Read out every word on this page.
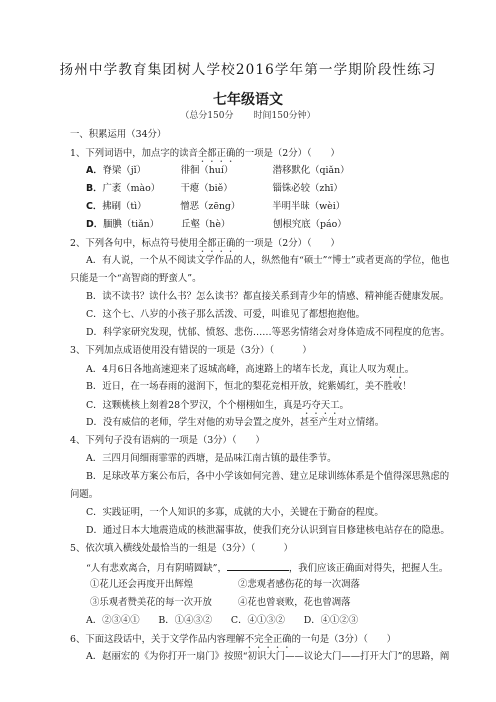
扬州中学教育集团树人学校2016学年第一学期阶段性练习
七年级语文
（总分150分 时间150分钟）
一、积累运用（34分）
1、下列词语中，加点字的读音全都正确的一项是（2分）（　　）
A．脊梁（jǐ）	徘徊（huí）	潜移默化（qiǎn）
B．广袤（mào） 干瘪（biě）	锱铢必较（zhī）
C．拂刷（tì）	憎恶（zēng）	半明半昧（wèi）
D．腼腆（tiǎn） 丘壑（hè）	刨根究底（páo）
2、下列各句中，标点符号使用全都正确的一项是（2分）（　　）
A．有人说，一个从不阅读文学作品的人，纵然他有“硕士”“博士”或者更高的学位，他也
只能是一个“高智商的野蛮人”。
B．读不读书？读什么书？怎么读书？都直接关系到青少年的情感、精神能否健康发展。
C．这个七、八岁的小孩子那么活泼、可爱，叫谁见了都想抱抱他。
D．科学家研究发现，忧郁、愤怒、悲伤……等恶劣情绪会对身体造成不同程度的危害。
3、下列加点成语使用没有错误的一项是（3分）（　　　）
A．4月6日各地高速迎来了返城高峰，高速路上的堵车长龙，真让人叹为观止。
B．近日，在一场春雨的滋润下，恒北的梨花竞相开放，姹紫嫣红，美不胜收！
C．这颗桃核上刻着28个罗汉，个个栩栩如生，真是巧夺天工。
D．没有威信的老师，学生对他的劝导会置之度外，甚至产生对立情绪。
4、下列句子没有语病的一项是（3分）（　　）
A．三四月间细雨霏霏的西塘，是品味江南古镇的最佳季节。
B．足球改革方案公布后，各中小学该如何完善、建立足球训练体系是个值得深思熟虑的
问题。
C．实践证明，一个人知识的多寡，成就的大小，关键在于勤奋的程度。
D．通过日本大地震造成的核泄漏事故，使我们充分认识到盲目修建核电站存在的隐患。
5、依次填入横线处最恰当的一组是（3分）（　　　）
“人有悲欢离合，月有阴晴圆缺”，	，我们应该正确面对得失，把握人生。
①花儿还会再度开出辉煌	②悲观者感伤花的每一次凋落
③乐观者赞美花的每一次开放	④花也曾衰败，花也曾凋落
A．②③④①　　B．①④③②　　C．④①③②　　D．④①②③
6、下面这段话中，关于文学作品内容理解不完全正确的一句是（3分）（　　）
A．赵丽宏的《为你打开一扇门》按照“初识大门——议论大门——打开大门”的思路，阐
